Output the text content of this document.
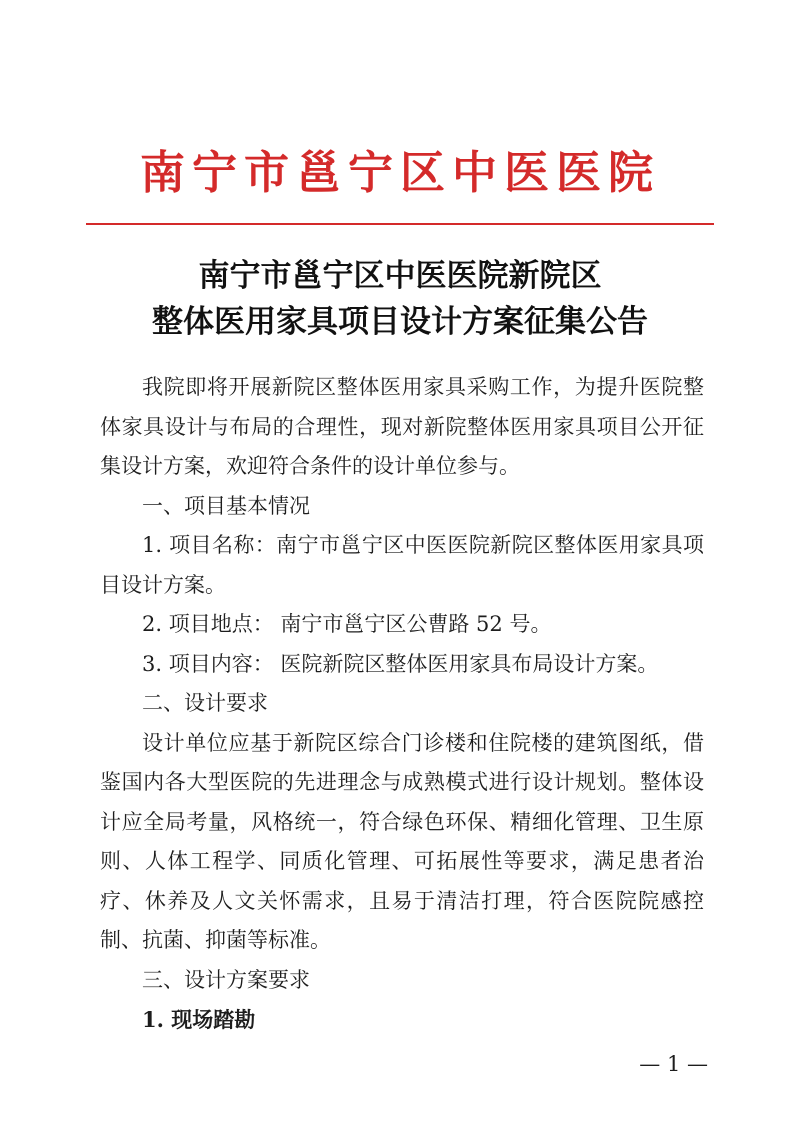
南宁市邕宁区中医医院
南宁市邕宁区中医医院新院区
整体医用家具项目设计方案征集公告

我院即将开展新院区整体医用家具采购工作，为提升医院整体家具设计与布局的合理性，现对新院整体医用家具项目公开征集设计方案，欢迎符合条件的设计单位参与。

一、项目基本情况

1. 项目名称：南宁市邕宁区中医医院新院区整体医用家具项目设计方案。

2. 项目地点： 南宁市邕宁区公曹路 52 号。

3. 项目内容： 医院新院区整体医用家具布局设计方案。

二、设计要求

设计单位应基于新院区综合门诊楼和住院楼的建筑图纸，借鉴国内各大型医院的先进理念与成熟模式进行设计规划。整体设计应全局考量，风格统一，符合绿色环保、精细化管理、卫生原则、人体工程学、同质化管理、可拓展性等要求，满足患者治疗、休养及人文关怀需求，且易于清洁打理，符合医院院感控制、抗菌、抑菌等标准。

三、设计方案要求

1. 现场踏勘

— 1 —
